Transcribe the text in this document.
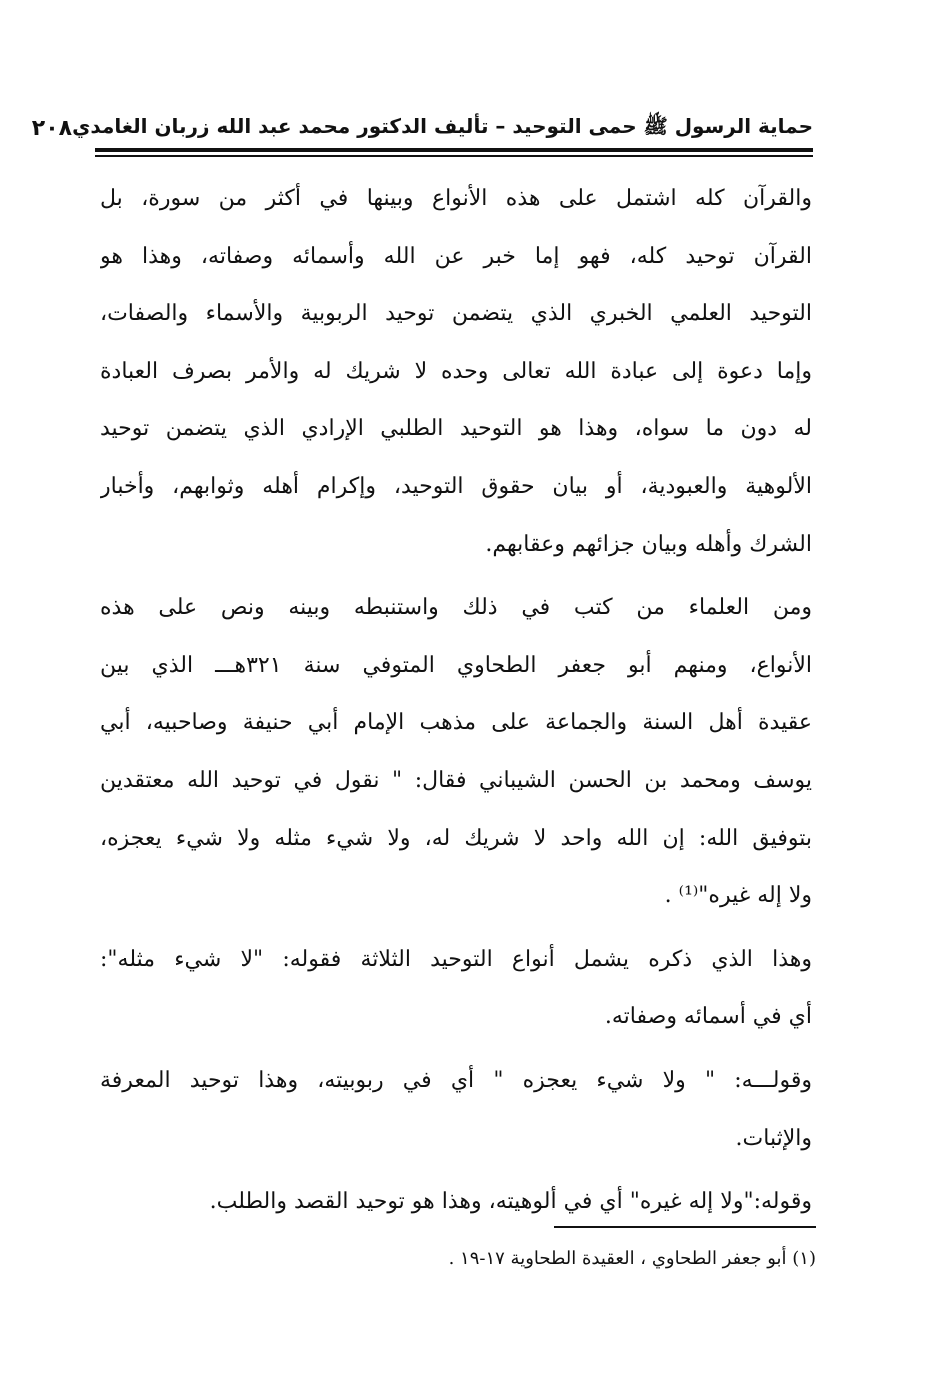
حماية الرسول ﷺ حمى التوحيد – تأليف الدكتور محمد عبد الله زربان الغامدي
٢٠٨
والقرآن كله اشتمل على هذه الأنواع وبينها في أكثر من سورة، بل
القرآن توحيد كله، فهو إما خبر عن الله وأسمائه وصفاته، وهذا هو
التوحيد العلمي الخبري الذي يتضمن توحيد الربوبية والأسماء والصفات،
وإما دعوة إلى عبادة الله تعالى وحده لا شريك له والأمر بصرف العبادة
له دون ما سواه، وهذا هو التوحيد الطلبي الإرادي الذي يتضمن توحيد
الألوهية والعبودية، أو بيان حقوق التوحيد، وإكرام أهله وثوابهم، وأخبار
الشرك وأهله وبيان جزائهم وعقابهم.
ومن العلماء من كتب في ذلك واستنبطه وبينه ونص على هذه
الأنواع، ومنهم أبو جعفر الطحاوي المتوفي سنة ٣٢١هـــ الذي بين
عقيدة أهل السنة والجماعة على مذهب الإمام أبي حنيفة وصاحبيه، أبي
يوسف ومحمد بن الحسن الشيباني فقال: " نقول في توحيد الله معتقدين
بتوفيق الله: إن الله واحد لا شريك له، ولا شيء مثله ولا شيء يعجزه،
ولا إله غيره"⁽¹⁾ .
وهذا الذي ذكره يشمل أنواع التوحيد الثلاثة فقوله: "لا شيء مثله":
أي في أسمائه وصفاته.
وقولـــه: " ولا شيء يعجزه " أي في ربوبيته، وهذا توحيد المعرفة
والإثبات.
وقوله:"ولا إله غيره" أي في ألوهيته، وهذا هو توحيد القصد والطلب.
(١) أبو جعفر الطحاوي ، العقيدة الطحاوية ١٧-١٩ .
